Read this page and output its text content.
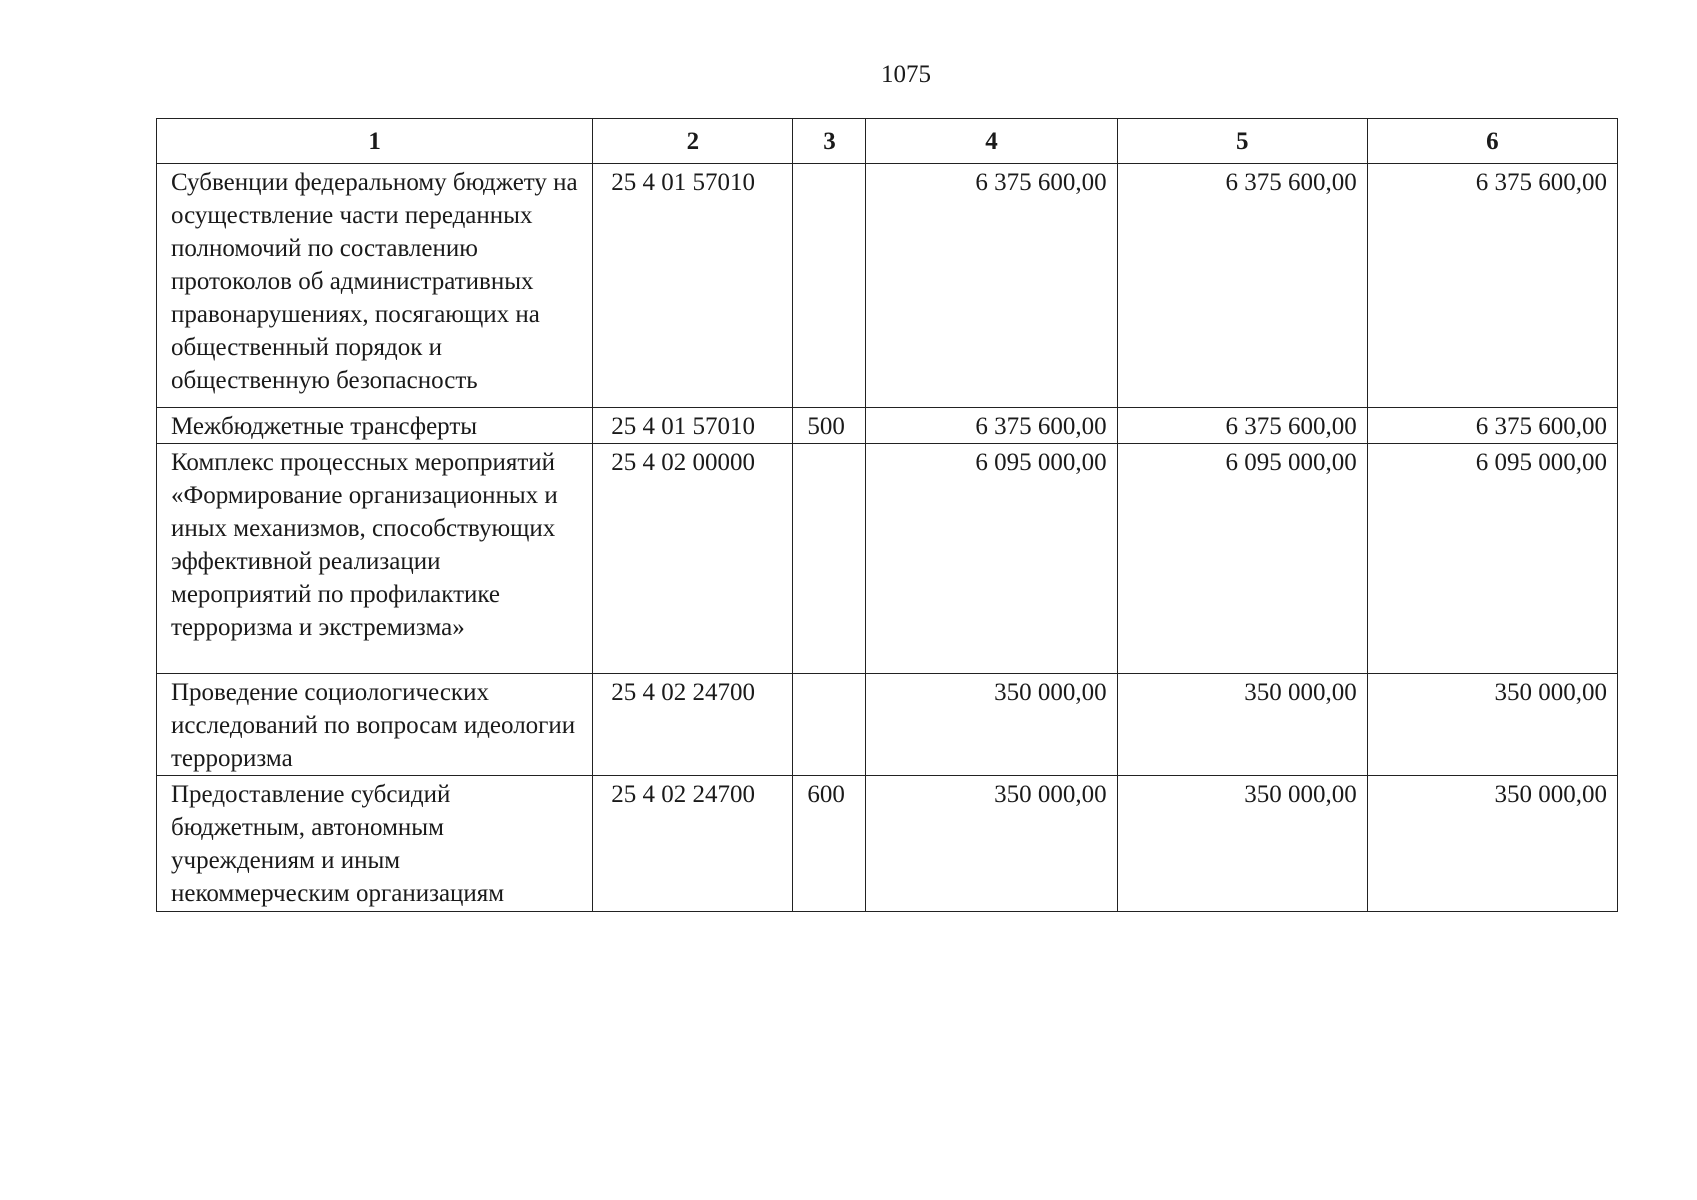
1075
1	2	3	4	5	6
Субвенции федеральному бюджету на осуществление части переданных полномочий по составлению протоколов об административных правонарушениях, посягающих на общественный порядок и общественную безопасность	25 4 01 57010		6 375 600,00	6 375 600,00	6 375 600,00
Межбюджетные трансферты	25 4 01 57010	500	6 375 600,00	6 375 600,00	6 375 600,00
Комплекс процессных мероприятий «Формирование организационных и иных механизмов, способствующих эффективной реализации мероприятий по профилактике терроризма и экстремизма»	25 4 02 00000		6 095 000,00	6 095 000,00	6 095 000,00
Проведение социологических исследований по вопросам идеологии терроризма	25 4 02 24700		350 000,00	350 000,00	350 000,00
Предоставление субсидий бюджетным, автономным учреждениям и иным некоммерческим организациям	25 4 02 24700	600	350 000,00	350 000,00	350 000,00
